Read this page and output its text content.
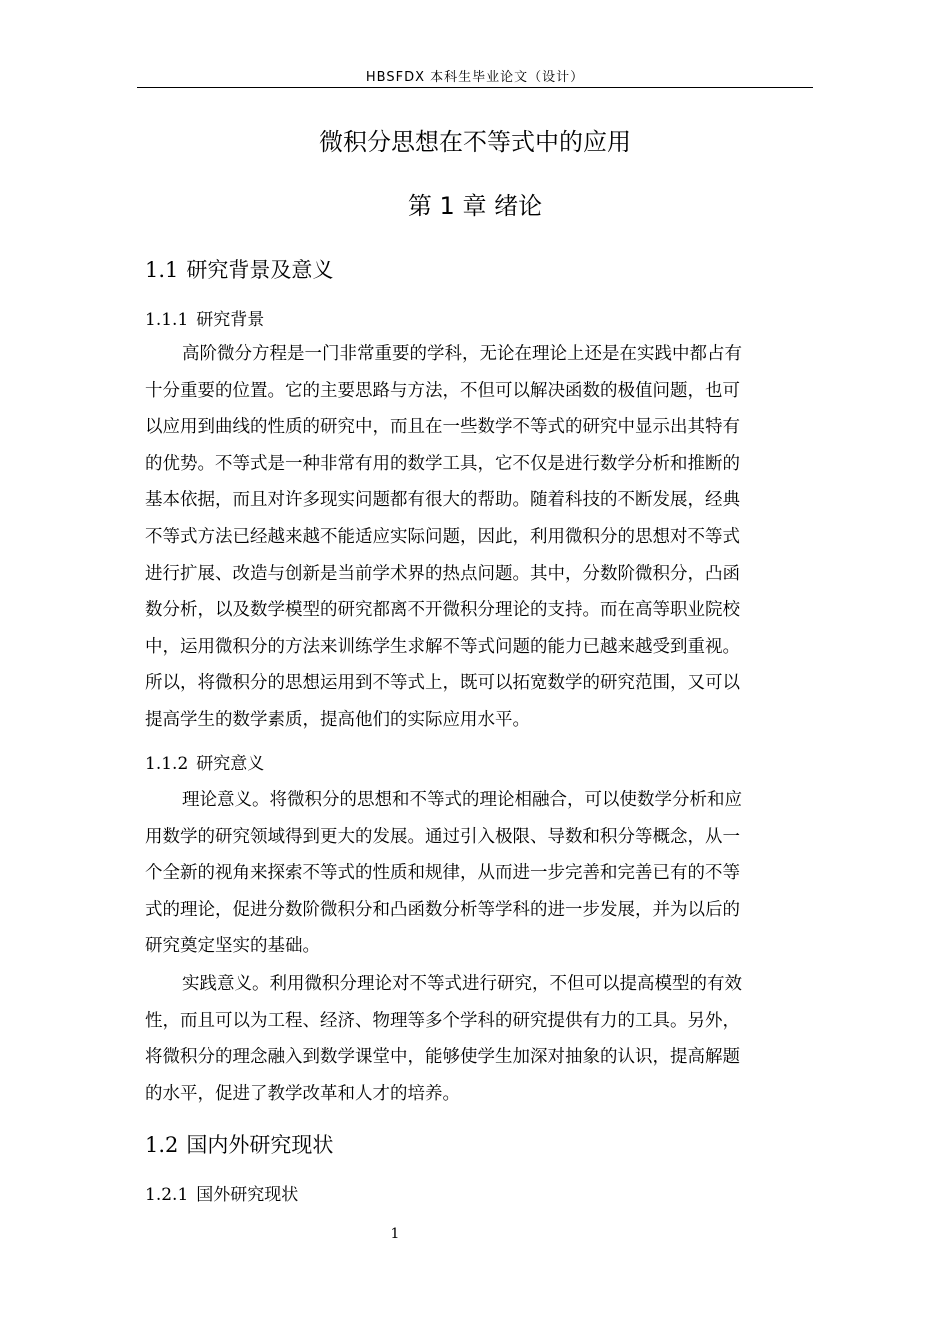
HBSFDX 本科生毕业论文（设计）
微积分思想在不等式中的应用
第 1 章 绪论
1.1 研究背景及意义
1.1.1 研究背景
高阶微分方程是一门非常重要的学科，无论在理论上还是在实践中都占有
十分重要的位置。它的主要思路与方法，不但可以解决函数的极值问题，也可
以应用到曲线的性质的研究中，而且在一些数学不等式的研究中显示出其特有
的优势。不等式是一种非常有用的数学工具，它不仅是进行数学分析和推断的
基本依据，而且对许多现实问题都有很大的帮助。随着科技的不断发展，经典
不等式方法已经越来越不能适应实际问题，因此，利用微积分的思想对不等式
进行扩展、改造与创新是当前学术界的热点问题。其中，分数阶微积分，凸函
数分析，以及数学模型的研究都离不开微积分理论的支持。而在高等职业院校
中，运用微积分的方法来训练学生求解不等式问题的能力已越来越受到重视。
所以，将微积分的思想运用到不等式上，既可以拓宽数学的研究范围，又可以
提高学生的数学素质，提高他们的实际应用水平。
1.1.2 研究意义
理论意义。将微积分的思想和不等式的理论相融合，可以使数学分析和应
用数学的研究领域得到更大的发展。通过引入极限、导数和积分等概念，从一
个全新的视角来探索不等式的性质和规律，从而进一步完善和完善已有的不等
式的理论，促进分数阶微积分和凸函数分析等学科的进一步发展，并为以后的
研究奠定坚实的基础。
实践意义。利用微积分理论对不等式进行研究，不但可以提高模型的有效
性，而且可以为工程、经济、物理等多个学科的研究提供有力的工具。另外，
将微积分的理念融入到数学课堂中，能够使学生加深对抽象的认识，提高解题
的水平，促进了教学改革和人才的培养。
1.2 国内外研究现状
1.2.1 国外研究现状
1
